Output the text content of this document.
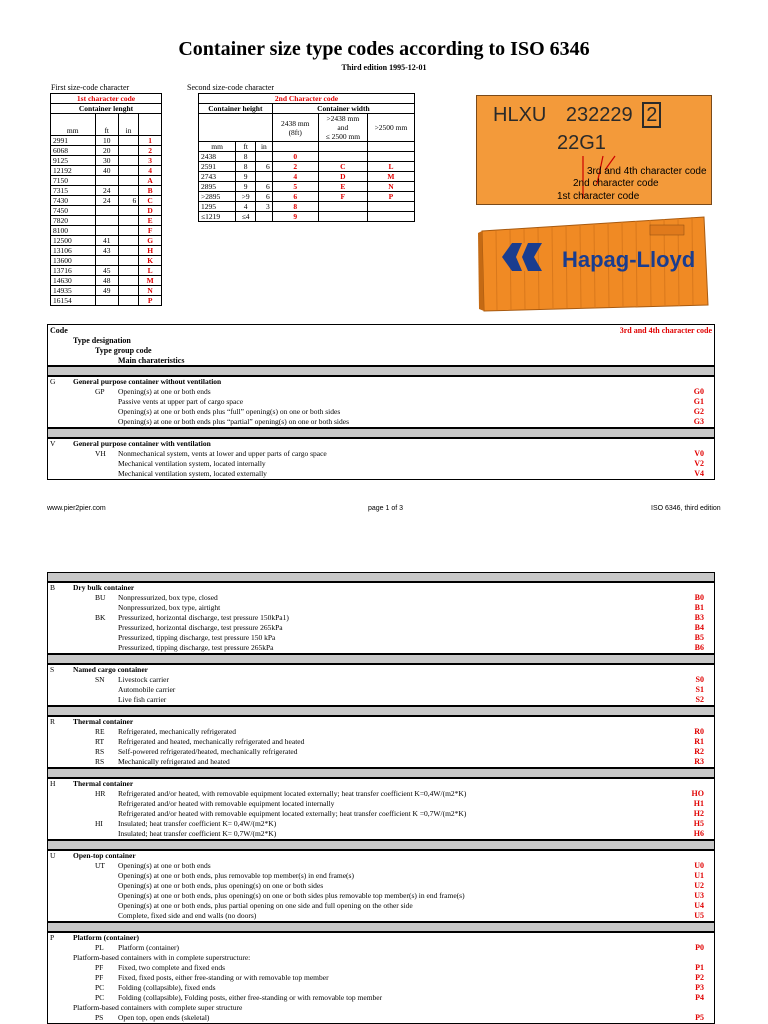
Container size type codes according to ISO 6346
Third edition 1995-12-01
First size-code character	Second size-code character
1st character code			
Container lenght			
mm	ft	in	
2991	10		1
6068	20		2
9125	30		3
12192	40		4
7150			A
7315	24		B
7430	24	6	C
7450			D
7820			E
8100			F
12500	41		G
13106	43		H
13600			K
13716	45		L
14630	48		M
14935	49		N
16154			P
2nd Character code					
Container height			Container width		

			2438 mm (8ft)	>2438 mm
and
≤ 2500 mm	>2500 mm
mm	ft	in			
2438	8		0		
2591	8	6	2	C	L
2743	9		4	D	M
2895	9	6	5	E	N
>2895	>9	6	6	F	P
1295	4	3	8		
≤1219	≤4		9		
HLXU 232229 2
22G1
3rd and 4th character code
2nd character code
1st character code
Hapag-Lloyd
Code
Type designation
Type group code
Main charateristics
3rd and 4th character code
G General purpose container without ventilation
GP Opening(s) at one or both ends	G0
Passive vents at upper part of cargo space	G1
Opening(s) at one or both ends plus “full” opening(s) on one or both sides	G2
Opening(s) at one or both ends plus “partial” opening(s) on one or both sides	G3
V General purpose container with ventilation
VH Nonmechanical system, vents at lower and upper parts of cargo space	V0
Mechanical ventilation system, located internally	V2
Mechanical ventilation system, located externally	V4
www.pier2pier.com	page 1 of 3	ISO 6346, third edition
B Dry bulk container
BU Nonpressurized, box type, closed	B0
Nonpressurized, box type, airtight	B1
BK Pressurized, horizontal discharge, test pressure 150kPa1)	B3
Pressurized, horizontal discharge, test pressure 265kPa	B4
Pressurized, tipping discharge, test pressure 150 kPa	B5
Pressurized, tipping discharge, test pressure 265kPa	B6
S	Named cargo container
SN Livestock carrier	S0
Automobile carrier	S1
Live fish carrier	S2
R Thermal container
RE Refrigerated, mechanically refrigerated	R0
RT Refrigerated and heated, mechanically refrigerated and heated	R1
RS Self-powered refrigerated/heated, mechanically refrigerated	R2
RS Mechanically refrigerated and heated	R3
H Thermal container
HR Refrigerated and/or heated, with removable equipment located externally; heat transfer coefficient K=0,4W/(m2*K)	HO
Refrigerated and/or heated with removable equipment located internally	H1
Refrigerated and/or heated with removable equipment located externally; heat transfer coefficient K =0,7W/(m2*K)	H2
HI Insulated; heat transfer coefficient K= 0,4W/(m2*K)	H5
Insulated; heat transfer coefficient K= 0,7W/(m2*K)	H6
U Open-top container
UT Opening(s) at one or both ends	U0
Opening(s) at one or both ends, plus removable top member(s) in end frame(s)	U1
Opening(s) at one or both ends, plus opening(s) on one or both sides	U2
Opening(s) at one or both ends, plus opening(s) on one or both sides plus removable top member(s) in end frame(s)	U3
Opening(s) at one or both ends, plus partial opening on one side and full opening on the other side	U4
Complete, fixed side and end walls (no doors)	U5
P	Platform (container)
PL Platform (container)	P0
Platform-based containers with in complete superstructure:
PF Fixed, two complete and fixed ends	P1
PF Fixed, fixed posts, either free-standing or with removable top member	P2
PC Folding (collapsible), fixed ends	P3
PC Folding (collapsible), Folding posts, either free-standing or with removable top member	P4
Platform-based containers with complete super structure
PS Open top, open ends (skeletal)	P5
